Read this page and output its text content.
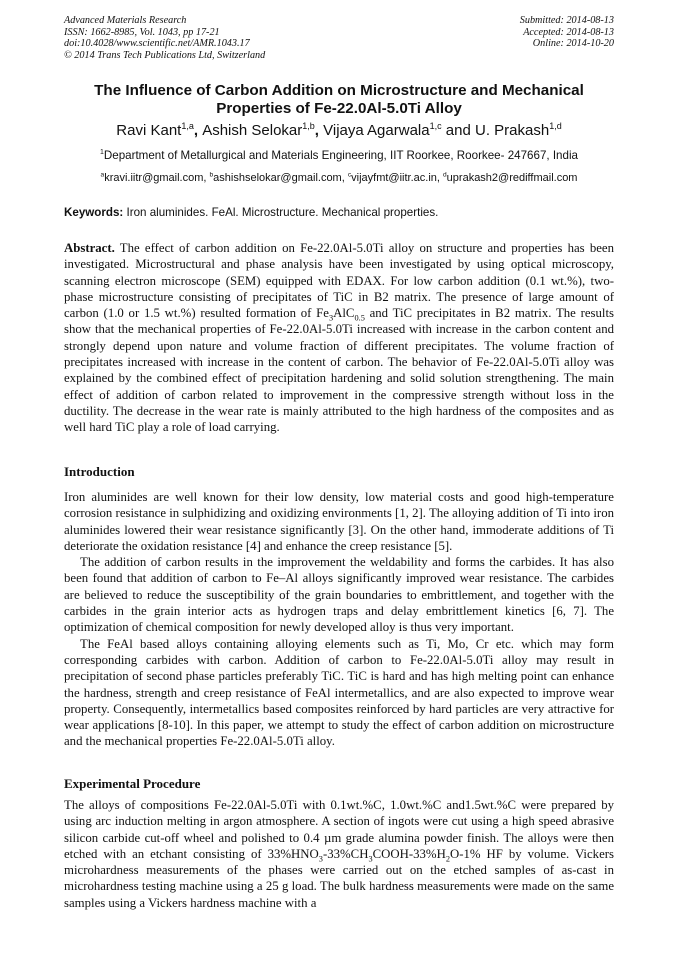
Advanced Materials Research
ISSN: 1662-8985, Vol. 1043, pp 17-21
doi:10.4028/www.scientific.net/AMR.1043.17
© 2014 Trans Tech Publications Ltd, Switzerland
Submitted: 2014-08-13
Accepted: 2014-08-13
Online: 2014-10-20
The Influence of Carbon Addition on Microstructure and Mechanical
Properties of Fe-22.0Al-5.0Ti Alloy
Ravi Kant$^{1,a}$, Ashish Selokar$^{1,b}$, Vijaya Agarwala$^{1,c}$ and U. Prakash$^{1,d}$
$^1$Department of Metallurgical and Materials Engineering, IIT Roorkee, Roorkee- 247667, India
$^a$kravi.iitr@gmail.com, $^b$ashishselokar@gmail.com, $^c$vijayfmt@iitr.ac.in, $^d$uprakash2@rediffmail.com
Keywords: Iron aluminides. FeAl. Microstructure. Mechanical properties.

Abstract. The effect of carbon addition on Fe-22.0Al-5.0Ti alloy on structure and properties has been investigated. Microstructural and phase analysis have been investigated by using optical microscopy, scanning electron microscope (SEM) equipped with EDAX. For low carbon addition (0.1 wt.%), two-phase microstructure consisting of precipitates of TiC in B2 matrix. The presence of large amount of carbon (1.0 or 1.5 wt.%) resulted formation of $Fe_3AlC_{0.5}$ and TiC precipitates in B2 matrix. The results show that the mechanical properties of Fe-22.0Al-5.0Ti increased with increase in the carbon content and strongly depend upon nature and volume fraction of different precipitates. The volume fraction of precipitates increased with increase in the content of carbon. The behavior of Fe-22.0Al-5.0Ti alloy was explained by the combined effect of precipitation hardening and solid solution strengthening. The main effect of addition of carbon related to improvement in the compressive strength without loss in the ductility. The decrease in the wear rate is mainly attributed to the high hardness of the composites and as well hard TiC play a role of load carrying.

Introduction

Iron aluminides are well known for their low density, low material costs and good high-temperature corrosion resistance in sulphidizing and oxidizing environments [1, 2]. The alloying addition of Ti into iron aluminides lowered their wear resistance significantly [3]. On the other hand, immoderate additions of Ti deteriorate the oxidation resistance [4] and enhance the creep resistance [5].

The addition of carbon results in the improvement the weldability and forms the carbides. It has also been found that addition of carbon to Fe–Al alloys significantly improved wear resistance. The carbides are believed to reduce the susceptibility of the grain boundaries to embrittlement, and together with the carbides in the grain interior acts as hydrogen traps and delay embrittlement kinetics [6, 7]. The optimization of chemical composition for newly developed alloy is thus very important.

The FeAl based alloys containing alloying elements such as Ti, Mo, Cr etc. which may form corresponding carbides with carbon. Addition of carbon to Fe-22.0Al-5.0Ti alloy may result in precipitation of second phase particles preferably TiC. TiC is hard and has high melting point can enhance the hardness, strength and creep resistance of FeAl intermetallics, and are also expected to improve wear property. Consequently, intermetallics based composites reinforced by hard particles are very attractive for wear applications [8-10]. In this paper, we attempt to study the effect of carbon addition on microstructure and the mechanical properties Fe-22.0Al-5.0Ti alloy.

Experimental Procedure

The alloys of compositions Fe-22.0Al-5.0Ti with 0.1wt.%C, 1.0wt.%C and1.5wt.%C were prepared by using arc induction melting in argon atmosphere. A section of ingots were cut using a high speed abrasive silicon carbide cut-off wheel and polished to 0.4 µm grade alumina powder finish. The alloys were then etched with an etchant consisting of $33\%HNO_3-33\%CH_3COOH-33\%H_2O-1\%$ HF by volume. Vickers microhardness measurements of the phases were carried out on the etched samples of as-cast in microhardness testing machine using a 25 g load. The bulk hardness measurements were made on the same samples using a Vickers hardness machine with a
